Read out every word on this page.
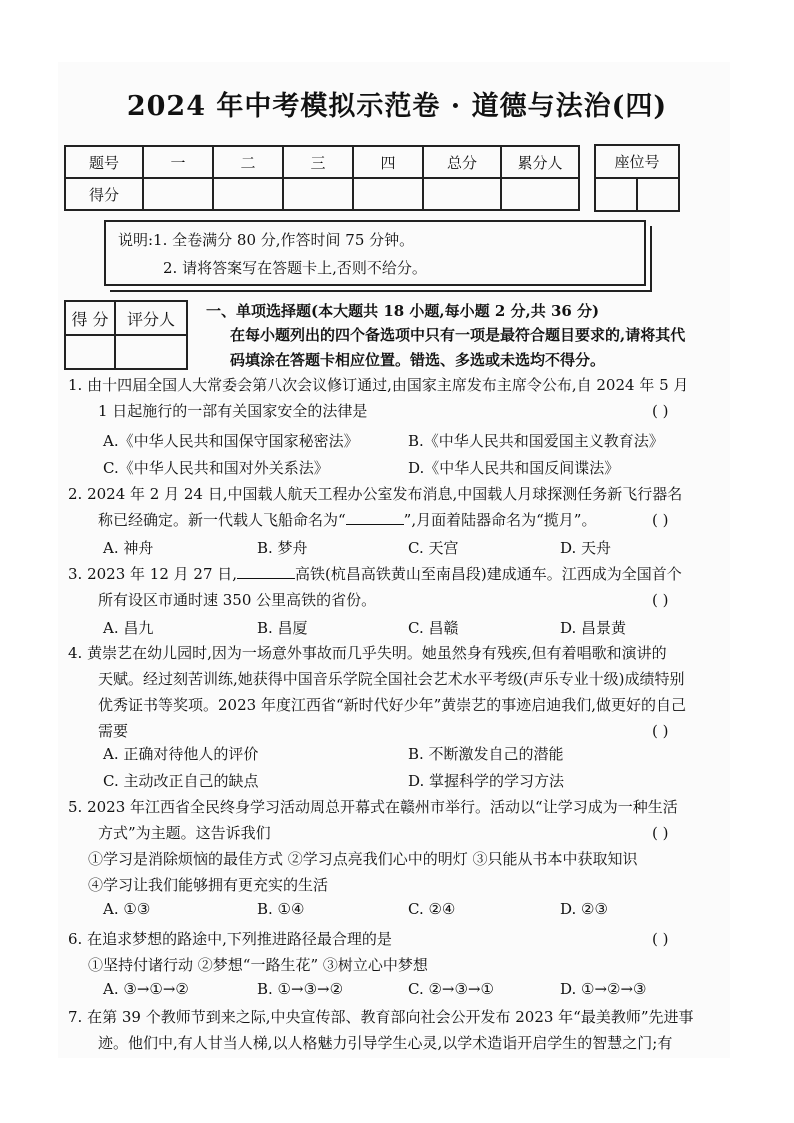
2024 年中考模拟示范卷 · 道德与法治(四)
题号	一	二	三	四	总分	累分人
得分						
座位号

说明:1. 全卷满分 80 分,作答时间 75 分钟。
2. 请将答案写在答题卡上,否则不给分。
得 分	评分人
	一、单项选择题(本大题共 18 小题,每小题 2 分,共 36 分)
在每小题列出的四个备选项中只有一项是最符合题目要求的,请将其代码填涂在答题卡相应位置。错选、多选或未选均不得分。
1. 由十四届全国人大常委会第八次会议修订通过,由国家主席发布主席令公布,自 2024 年 5 月
1 日起施行的一部有关国家安全的法律是	( )
A.《中华人民共和国保守国家秘密法》	B.《中华人民共和国爱国主义教育法》
C.《中华人民共和国对外关系法》	D.《中华人民共和国反间谍法》
2. 2024 年 2 月 24 日,中国载人航天工程办公室发布消息,中国载人月球探测任务新飞行器名
称已经确定。新一代载人飞船命名为“	”,月面着陆器命名为“揽月”。	( )
A. 神舟	B. 梦舟	C. 天宫	D. 天舟
3. 2023 年 12 月 27 日,	高铁(杭昌高铁黄山至南昌段)建成通车。江西成为全国首个
所有设区市通时速 350 公里高铁的省份。	( )
A. 昌九	B. 昌厦	C. 昌赣	D. 昌景黄
4. 黄崇艺在幼儿园时,因为一场意外事故而几乎失明。她虽然身有残疾,但有着唱歌和演讲的
天赋。经过刻苦训练,她获得中国音乐学院全国社会艺术水平考级(声乐专业十级)成绩特别
优秀证书等奖项。2023 年度江西省“新时代好少年”黄崇艺的事迹启迪我们,做更好的自己
需要	( )
A. 正确对待他人的评价	B. 不断激发自己的潜能
C. 主动改正自己的缺点	D. 掌握科学的学习方法
5. 2023 年江西省全民终身学习活动周总开幕式在赣州市举行。活动以“让学习成为一种生活
方式”为主题。这告诉我们	( )
①学习是消除烦恼的最佳方式 ②学习点亮我们心中的明灯 ③只能从书本中获取知识
④学习让我们能够拥有更充实的生活
A. ①③	B. ①④	C. ②④	D. ②③
6. 在追求梦想的路途中,下列推进路径最合理的是	( )
①坚持付诸行动 ②梦想“一路生花” ③树立心中梦想
A. ③→①→②	B. ①→③→②	C. ②→③→①	D. ①→②→③
7. 在第 39 个教师节到来之际,中央宣传部、教育部向社会公开发布 2023 年“最美教师”先进事
迹。他们中,有人甘当人梯,以人格魅力引导学生心灵,以学术造诣开启学生的智慧之门;有
